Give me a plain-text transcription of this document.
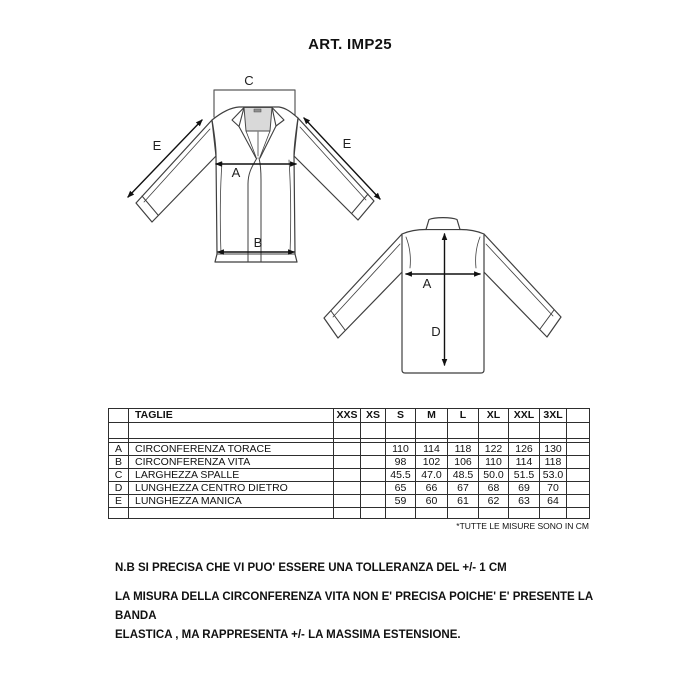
ART. IMP25
C
A
B
E	E
A
D
	TAGLIE	XXS	XS	S	M	L	XL	XXL	3XL	

A	CIRCONFERENZA TORACE			110	114	118	122	126	130	
B	CIRCONFERENZA VITA			98	102	106	110	114	118	
C	LARGHEZZA SPALLE			45.5	47.0	48.5	50.0	51.5	53.0	
D	LUNGHEZZA CENTRO DIETRO			65	66	67	68	69	70	
E	LUNGHEZZA MANICA			59	60	61	62	63	64	

*TUTTE LE MISURE SONO IN CM
N.B SI PRECISA CHE VI PUO' ESSERE UNA TOLLERANZA DEL +/- 1 CM
LA MISURA DELLA CIRCONFERENZA VITA NON E' PRECISA POICHE' E' PRESENTE LA BANDA
ELASTICA , MA RAPPRESENTA +/- LA MASSIMA ESTENSIONE.
